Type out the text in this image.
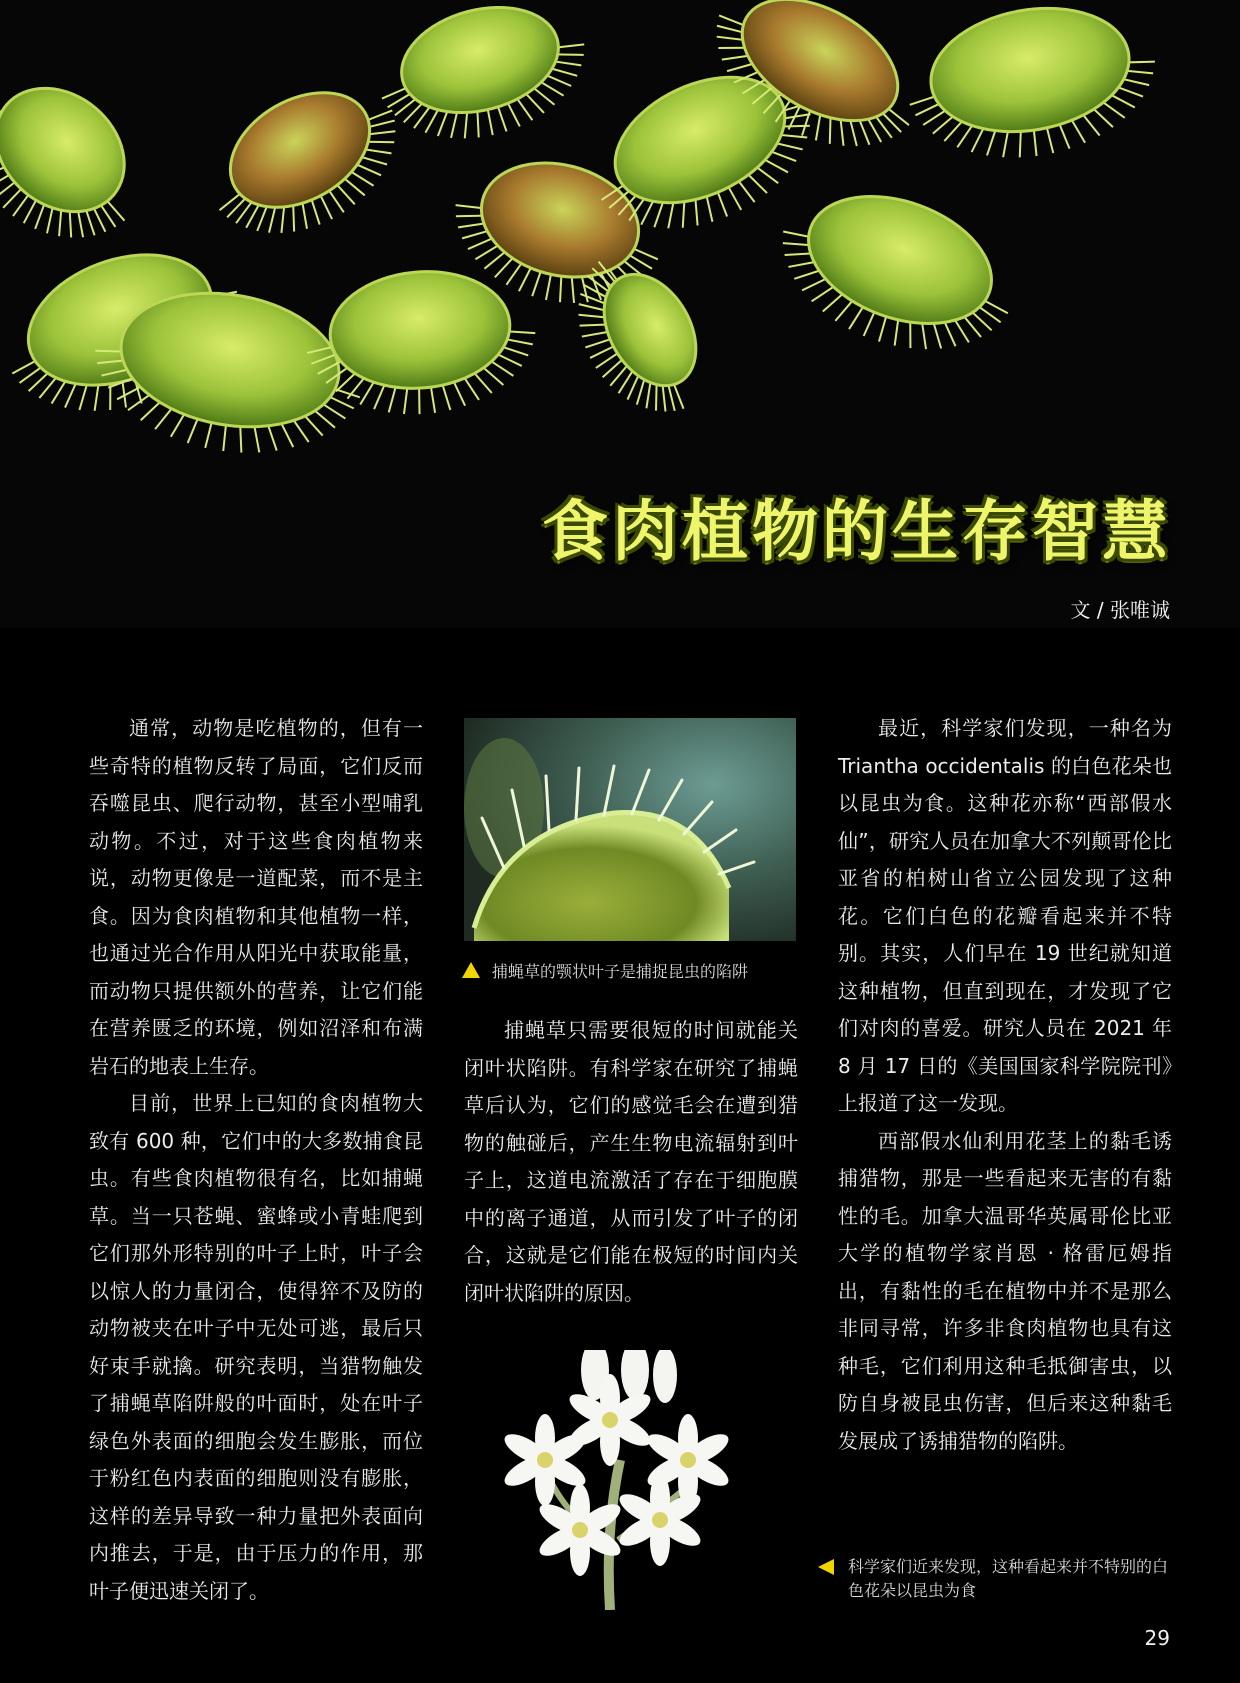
食肉植物的生存智慧
文 / 张唯诚

通常，动物是吃植物的，但有一些奇特的植物反转了局面，它们反而吞噬昆虫、爬行动物，甚至小型哺乳动物。不过，对于这些食肉植物来说，动物更像是一道配菜，而不是主食。因为食肉植物和其他植物一样，也通过光合作用从阳光中获取能量，而动物只提供额外的营养，让它们能在营养匮乏的环境，例如沼泽和布满岩石的地表上生存。

目前，世界上已知的食肉植物大致有 600 种，它们中的大多数捕食昆虫。有些食肉植物很有名，比如捕蝇草。当一只苍蝇、蜜蜂或小青蛙爬到它们那外形特别的叶子上时，叶子会以惊人的力量闭合，使得猝不及防的动物被夹在叶子中无处可逃，最后只好束手就擒。研究表明，当猎物触发了捕蝇草陷阱般的叶面时，处在叶子绿色外表面的细胞会发生膨胀，而位于粉红色内表面的细胞则没有膨胀，这样的差异导致一种力量把外表面向内推去，于是，由于压力的作用，那叶子便迅速关闭了。

捕蝇草的颚状叶子是捕捉昆虫的陷阱

捕蝇草只需要很短的时间就能关闭叶状陷阱。有科学家在研究了捕蝇草后认为，它们的感觉毛会在遭到猎物的触碰后，产生生物电流辐射到叶子上，这道电流激活了存在于细胞膜中的离子通道，从而引发了叶子的闭合，这就是它们能在极短的时间内关闭叶状陷阱的原因。

科学家们近来发现，这种看起来并不特别的白色花朵以昆虫为食

最近，科学家们发现，一种名为 Triantha occidentalis 的白色花朵也以昆虫为食。这种花亦称“西部假水仙”，研究人员在加拿大不列颠哥伦比亚省的柏树山省立公园发现了这种花。它们白色的花瓣看起来并不特别。其实，人们早在 19 世纪就知道这种植物，但直到现在，才发现了它们对肉的喜爱。研究人员在 2021 年 8 月 17 日的《美国国家科学院院刊》上报道了这一发现。

西部假水仙利用花茎上的黏毛诱捕猎物，那是一些看起来无害的有黏性的毛。加拿大温哥华英属哥伦比亚大学的植物学家肖恩 · 格雷厄姆指出，有黏性的毛在植物中并不是那么非同寻常，许多非食肉植物也具有这种毛，它们利用这种毛抵御害虫，以防自身被昆虫伤害，但后来这种黏毛发展成了诱捕猎物的陷阱。

29
